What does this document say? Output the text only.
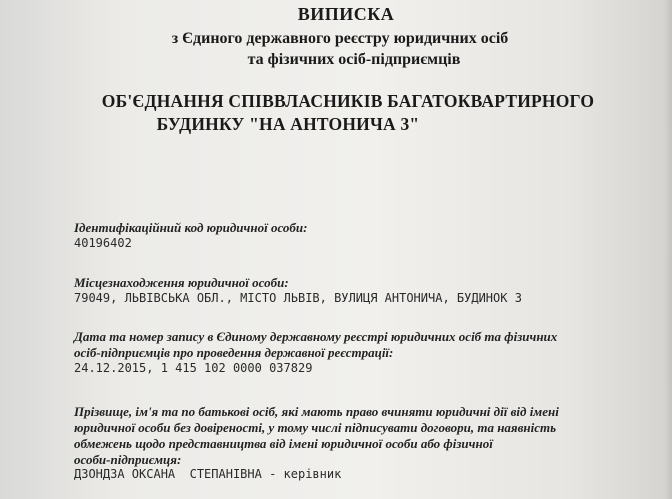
ВИПИСКА
з Єдиного державного реєстру юридичних осіб
та фізичних осіб-підприємців
ОБ'ЄДНАННЯ СПІВВЛАСНИКІВ БАГАТОКВАРТИРНОГО
БУДИНКУ "НА АНТОНИЧА 3"
Ідентифікаційний код юридичної особи:
40196402
Місцезнаходження юридичної особи:
79049, ЛЬВІВСЬКА ОБЛ., МІСТО ЛЬВІВ, ВУЛИЦЯ АНТОНИЧА, БУДИНОК 3
Дата та номер запису в Єдиному державному реєстрі юридичних осіб та фізичних
осіб-підприємців про проведення державної реєстрації:
24.12.2015, 1 415 102 0000 037829
Прізвище, ім'я та по батькові осіб, які мають право вчиняти юридичні дії від імені
юридичної особи без довіреності, у тому числі підписувати договори, та наявність
обмежень щодо представництва від імені юридичної особи або фізичної
особи-підприємця:
ДЗОНДЗА ОКСАНА  СТЕПАНІВНА - керівник
